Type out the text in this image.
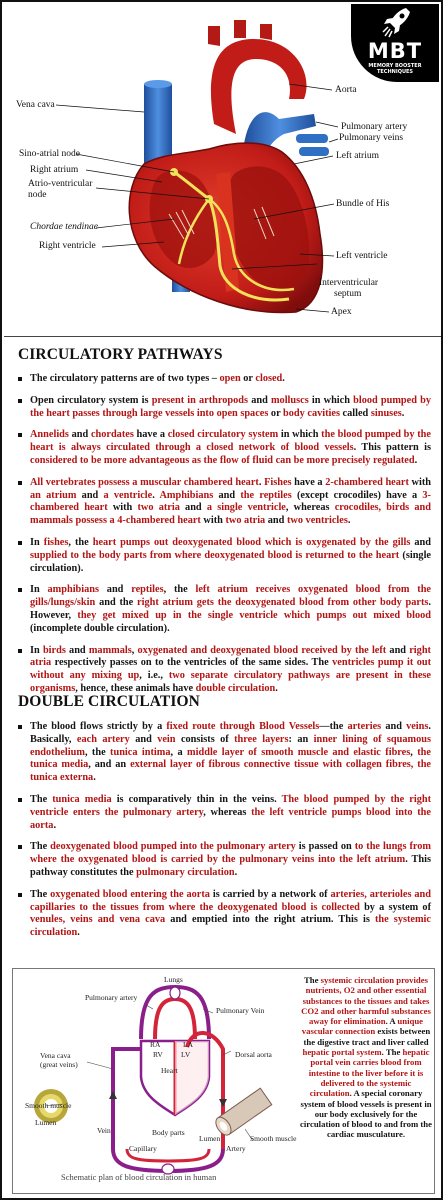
Aorta
Vena cava
Pulmonary artery
Pulmonary veins
Sino-atrial node	Left atrium
Right atrium
Atrio-ventricular
node
Bundle of His
Chordae tendinae
Right ventricle
Left ventricle
Interventricular
septum
Apex
MBT
MEMORY BOOSTER TECHNIQUES
CIRCULATORY PATHWAYS
The circulatory patterns are of two types – open or closed.
Open circulatory system is present in arthropods and molluscs in which blood pumped by the heart passes through large vessels into open spaces or body cavities called sinuses.
Annelids and chordates have a closed circulatory system in which the blood pumped by the heart is always circulated through a closed network of blood vessels. This pattern is considered to be more advantageous as the flow of fluid can be more precisely regulated.
All vertebrates possess a muscular chambered heart. Fishes have a 2-chambered heart with an atrium and a ventricle. Amphibians and the reptiles (except crocodiles) have a 3-chambered heart with two atria and a single ventricle, whereas crocodiles, birds and mammals possess a 4-chambered heart with two atria and two ventricles.
In fishes, the heart pumps out deoxygenated blood which is oxygenated by the gills and supplied to the body parts from where deoxygenated blood is returned to the heart (single circulation).
In amphibians and reptiles, the left atrium receives oxygenated blood from the gills/lungs/skin and the right atrium gets the deoxygenated blood from other body parts. However, they get mixed up in the single ventricle which pumps out mixed blood (incomplete double circulation).
In birds and mammals, oxygenated and deoxygenated blood received by the left and right atria respectively passes on to the ventricles of the same sides. The ventricles pump it out without any mixing up, i.e., two separate circulatory pathways are present in these organisms, hence, these animals have double circulation.
DOUBLE CIRCULATION
The blood flows strictly by a fixed route through Blood Vessels—the arteries and veins. Basically, each artery and vein consists of three layers: an inner lining of squamous endothelium, the tunica intima, a middle layer of smooth muscle and elastic fibres, the tunica media, and an external layer of fibrous connective tissue with collagen fibres, the tunica externa.
The tunica media is comparatively thin in the veins. The blood pumped by the right ventricle enters the pulmonary artery, whereas the left ventricle pumps blood into the aorta.
The deoxygenated blood pumped into the pulmonary artery is passed on to the lungs from where the oxygenated blood is carried by the pulmonary veins into the left atrium. This pathway constitutes the pulmonary circulation.
The oxygenated blood entering the aorta is carried by a network of arteries, arterioles and capillaries to the tissues from where the deoxygenated blood is collected by a system of venules, veins and vena cava and emptied into the right atrium. This is the systemic circulation.
Lungs
Pulmonary artery
Pulmonary Vein
RA
RV
LA
LV
Heart
Vena cava
(great veins)
Dorsal aorta
Smooth muscle
Lumen
Vein	Body parts
Lumen
Artery
Smooth muscle
Capillary
Schematic plan of blood circulation in human
The systemic circulation provides nutrients, O2 and other essential substances to the tissues and takes CO2 and other harmful substances away for elimination. A unique vascular connection exists between the digestive tract and liver called hepatic portal system. The hepatic portal vein carries blood from intestine to the liver before it is delivered to the systemic circulation. A special coronary system of blood vessels is present in our body exclusively for the circulation of blood to and from the cardiac musculature.
